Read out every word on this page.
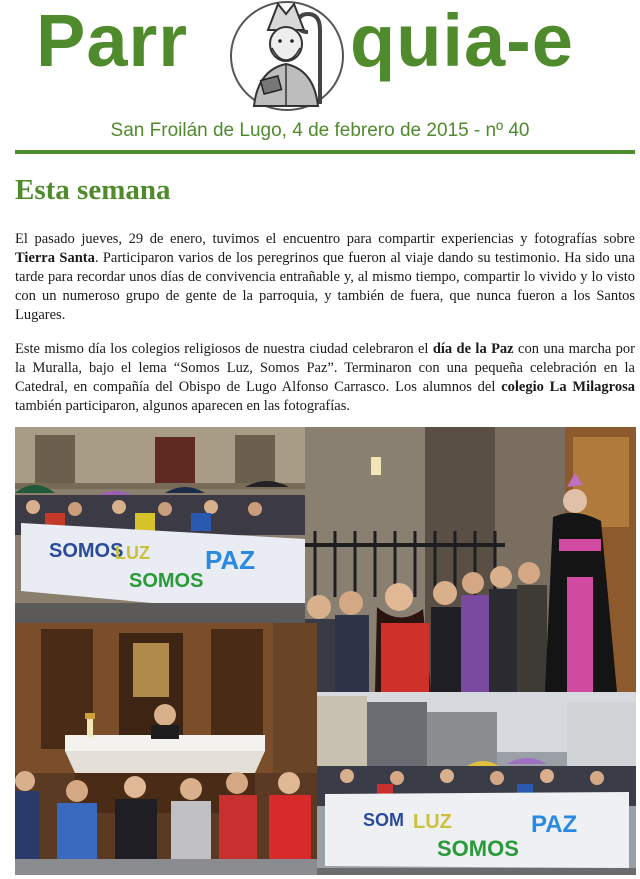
Parr quia-e
San Froilán de Lugo, 4 de febrero de 2015 - nº 40
Esta semana

El pasado jueves, 29 de enero, tuvimos el encuentro para compartir experiencias y fotografías sobre Tierra Santa. Participaron varios de los peregrinos que fueron al viaje dando su testimonio. Ha sido una tarde para recordar unos días de convivencia entrañable y, al mismo tiempo, compartir lo vivido y lo visto con un numeroso grupo de gente de la parroquia, y también de fuera, que nunca fueron a los Santos Lugares.

Este mismo día los colegios religiosos de nuestra ciudad celebraron el día de la Paz con una marcha por la Muralla, bajo el lema “Somos Luz, Somos Paz”. Terminaron con una pequeña celebración en la Catedral, en compañía del Obispo de Lugo Alfonso Carrasco. Los alumnos del colegio La Milagrosa también participaron, algunos aparecen en las fotografías.

SOMOS
LUZ PAZ
SOMOS
SOM LUZ	PAZ
SOMOS
